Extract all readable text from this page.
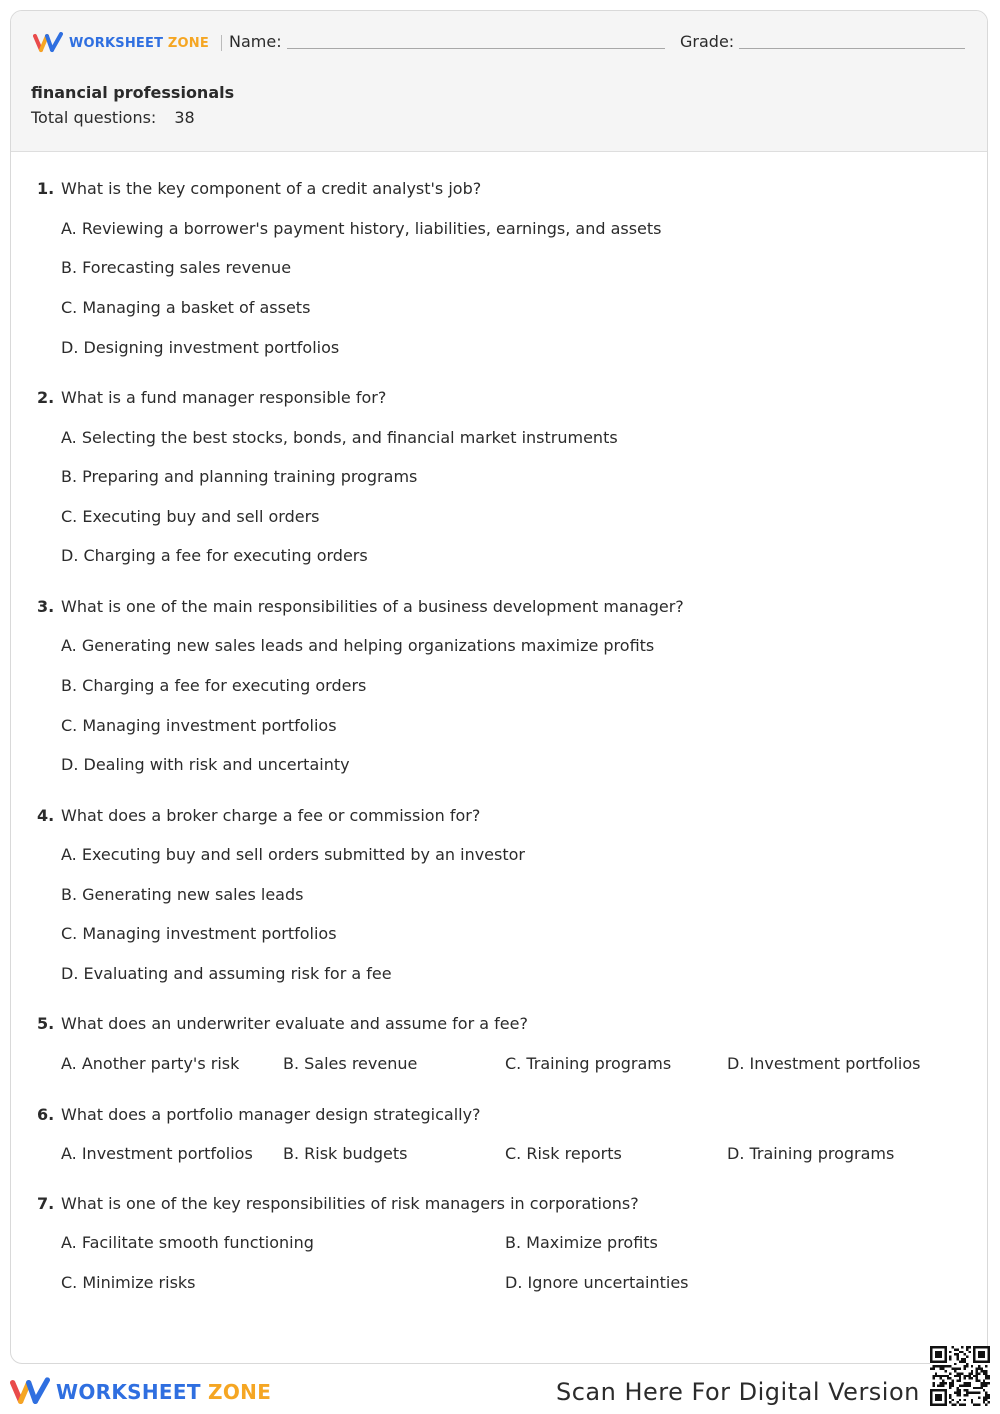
WORKSHEET ZONE Name:	Grade:
financial professionals
Total questions: 38
1. What is the key component of a credit analyst's job?
A. Reviewing a borrower's payment history, liabilities, earnings, and assets
B. Forecasting sales revenue
C. Managing a basket of assets
D. Designing investment portfolios
2. What is a fund manager responsible for?
A. Selecting the best stocks, bonds, and financial market instruments
B. Preparing and planning training programs
C. Executing buy and sell orders
D. Charging a fee for executing orders
3. What is one of the main responsibilities of a business development manager?
A. Generating new sales leads and helping organizations maximize profits
B. Charging a fee for executing orders
C. Managing investment portfolios
D. Dealing with risk and uncertainty
4. What does a broker charge a fee or commission for?
A. Executing buy and sell orders submitted by an investor
B. Generating new sales leads
C. Managing investment portfolios
D. Evaluating and assuming risk for a fee
5. What does an underwriter evaluate and assume for a fee?
A. Another party's risk	B. Sales revenue	C. Training programs	D. Investment portfolios
6. What does a portfolio manager design strategically?
A. Investment portfolios B. Risk budgets	C. Risk reports	D. Training programs
7. What is one of the key responsibilities of risk managers in corporations?
A. Facilitate smooth functioning	B. Maximize profits
C. Minimize risks	D. Ignore uncertainties
WORKSHEET ZONE	Scan Here For Digital Version
